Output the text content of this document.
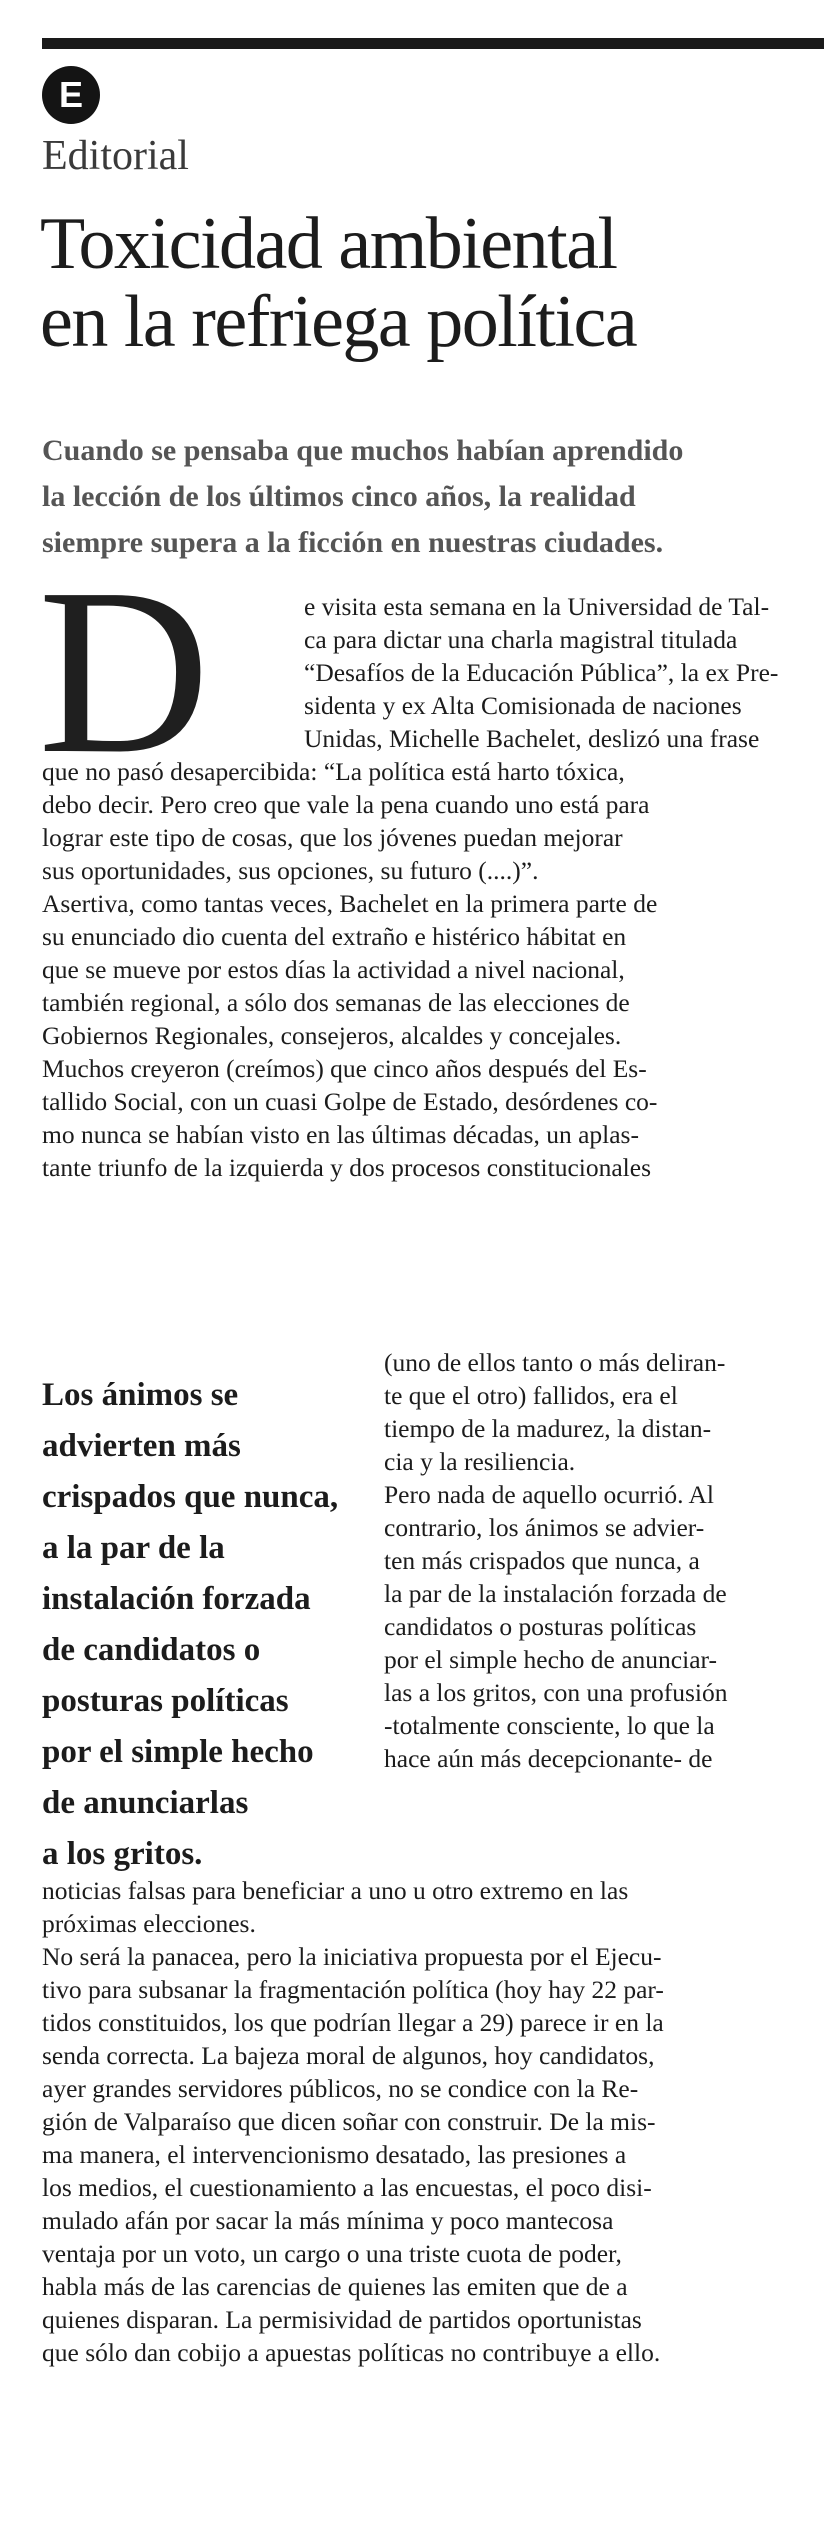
E
Editorial
Toxicidad ambiental
en la refriega política

Cuando se pensaba que muchos habían aprendido
la lección de los últimos cinco años, la realidad
siempre supera a la ficción en nuestras ciudades.

D	e visita esta semana en la Universidad de Tal-
ca para dictar una charla magistral titulada
“Desafíos de la Educación Pública”, la ex Pre-
sidenta y ex Alta Comisionada de naciones
Unidas, Michelle Bachelet, deslizó una frase
que no pasó desapercibida: “La política está harto tóxica,
debo decir. Pero creo que vale la pena cuando uno está para
lograr este tipo de cosas, que los jóvenes puedan mejorar
sus oportunidades, sus opciones, su futuro (....)”.
Asertiva, como tantas veces, Bachelet en la primera parte de
su enunciado dio cuenta del extraño e histérico hábitat en
que se mueve por estos días la actividad a nivel nacional,
también regional, a sólo dos semanas de las elecciones de
Gobiernos Regionales, consejeros, alcaldes y concejales.
Muchos creyeron (creímos) que cinco años después del Es-
tallido Social, con un cuasi Golpe de Estado, desórdenes co-
mo nunca se habían visto en las últimas décadas, un aplas-
tante triunfo de la izquierda y dos procesos constitucionales

Los ánimos se
advierten más
crispados que nunca,
a la par de la
instalación forzada
de candidatos o
posturas políticas
por el simple hecho
de anunciarlas
a los gritos.

(uno de ellos tanto o más deliran-
te que el otro) fallidos, era el
tiempo de la madurez, la distan-
cia y la resiliencia.
Pero nada de aquello ocurrió. Al
contrario, los ánimos se advier-
ten más crispados que nunca, a
la par de la instalación forzada de
candidatos o posturas políticas
por el simple hecho de anunciar-
las a los gritos, con una profusión
-totalmente consciente, lo que la
hace aún más decepcionante- de
noticias falsas para beneficiar a uno u otro extremo en las
próximas elecciones.
No será la panacea, pero la iniciativa propuesta por el Ejecu-
tivo para subsanar la fragmentación política (hoy hay 22 par-
tidos constituidos, los que podrían llegar a 29) parece ir en la
senda correcta. La bajeza moral de algunos, hoy candidatos,
ayer grandes servidores públicos, no se condice con la Re-
gión de Valparaíso que dicen soñar con construir. De la mis-
ma manera, el intervencionismo desatado, las presiones a
los medios, el cuestionamiento a las encuestas, el poco disi-
mulado afán por sacar la más mínima y poco mantecosa
ventaja por un voto, un cargo o una triste cuota de poder,
habla más de las carencias de quienes las emiten que de a
quienes disparan. La permisividad de partidos oportunistas
que sólo dan cobijo a apuestas políticas no contribuye a ello.
